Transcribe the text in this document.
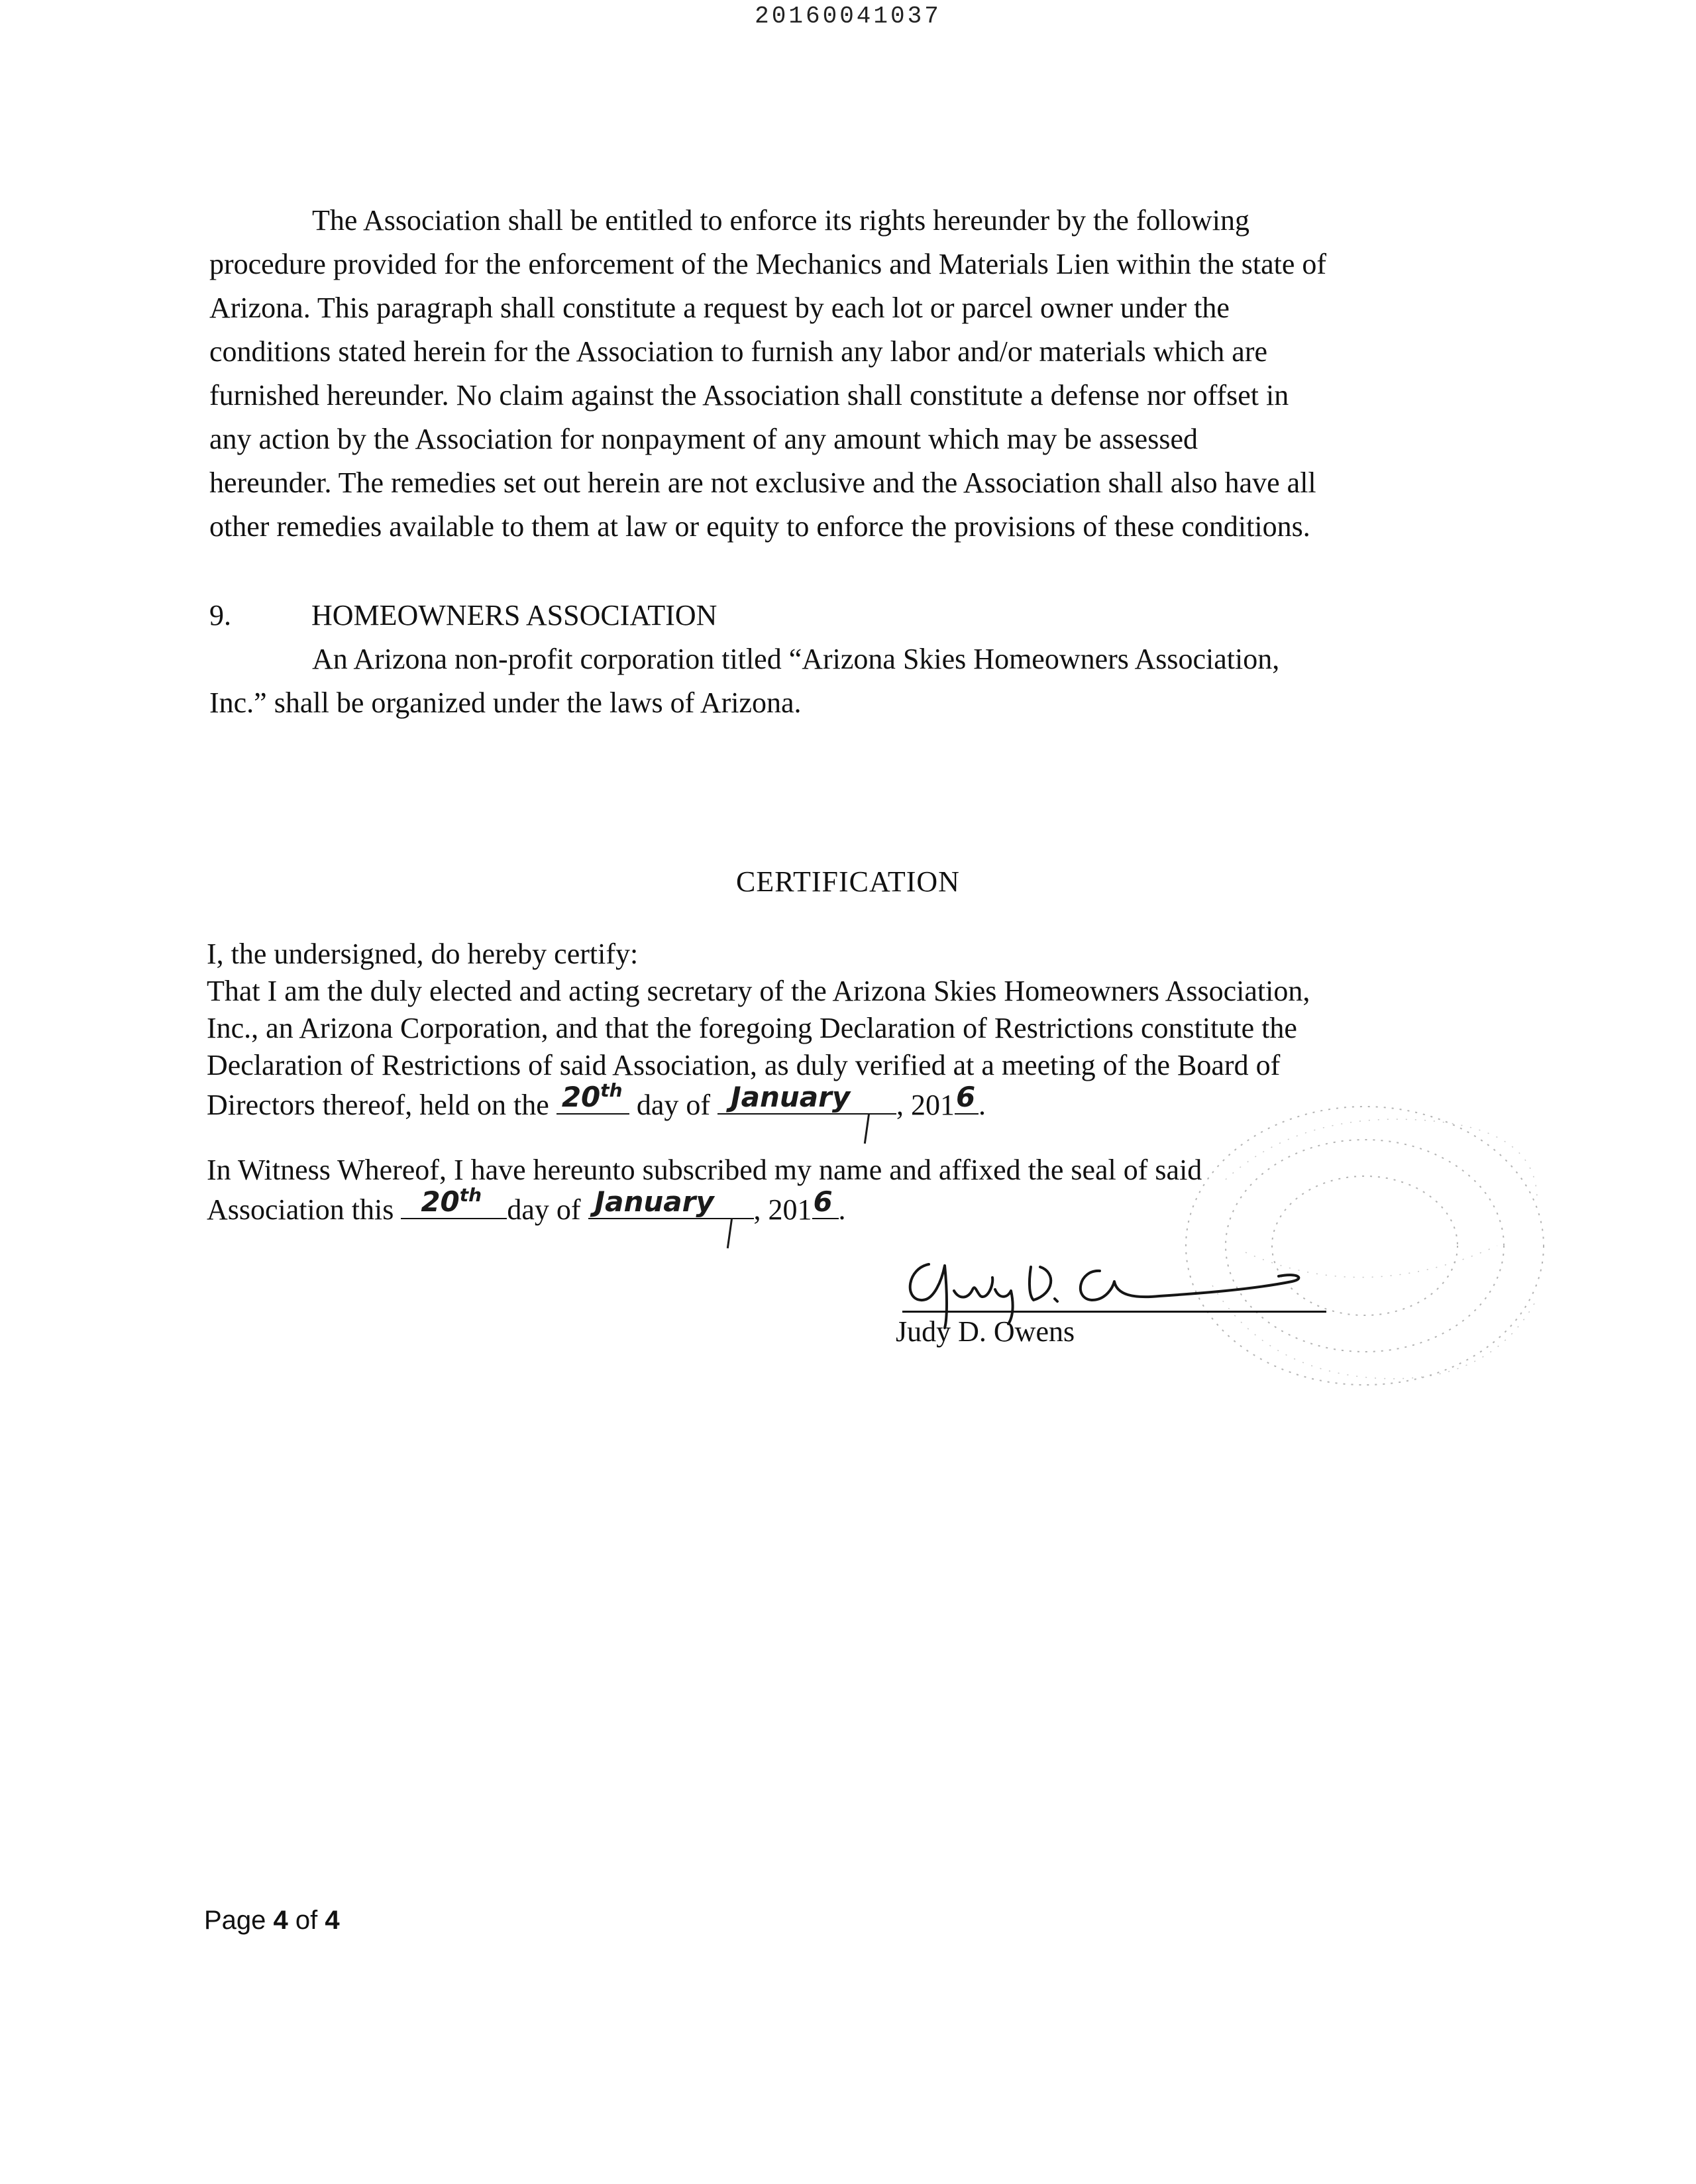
20160041037
The Association shall be entitled to enforce its rights hereunder by the following
procedure provided for the enforcement of the Mechanics and Materials Lien within the state of
Arizona. This paragraph shall constitute a request by each lot or parcel owner under the
conditions stated herein for the Association to furnish any labor and/or materials which are
furnished hereunder. No claim against the Association shall constitute a defense nor offset in
any action by the Association for nonpayment of any amount which may be assessed
hereunder. The remedies set out herein are not exclusive and the Association shall also have all
other remedies available to them at law or equity to enforce the provisions of these conditions.
9.	HOMEOWNERS ASSOCIATION
An Arizona non-profit corporation titled “Arizona Skies Homeowners Association,
Inc.” shall be organized under the laws of Arizona.
CERTIFICATION
I, the undersigned, do hereby certify:
That I am the duly elected and acting secretary of the Arizona Skies Homeowners Association,
Inc., an Arizona Corporation, and that the foregoing Declaration of Restrictions constitute the
Declaration of Restrictions of said Association, as duly verified at a meeting of the Board of
Directors thereof, held on the 20th day of January , 201 6 .
In Witness Whereof, I have hereunto subscribed my name and affixed the seal of said
Association this 20th day of January , 201 6 .
Judy D. Owens
Page 4 of 4
